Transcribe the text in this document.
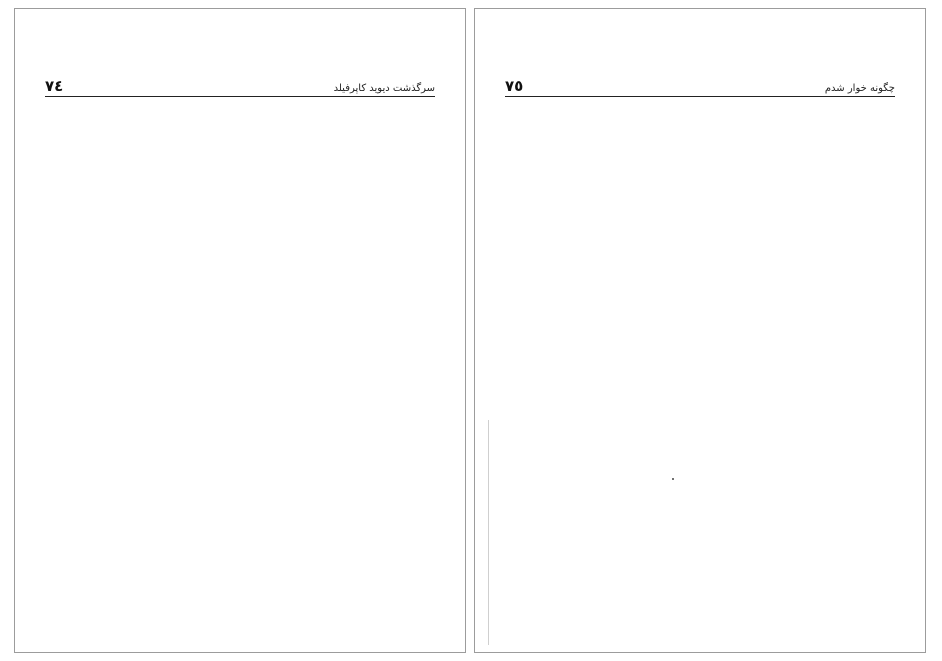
سرگذشت دیوید کاپرفیلد
٧٤	چگونه خوار شدم
٧٥
